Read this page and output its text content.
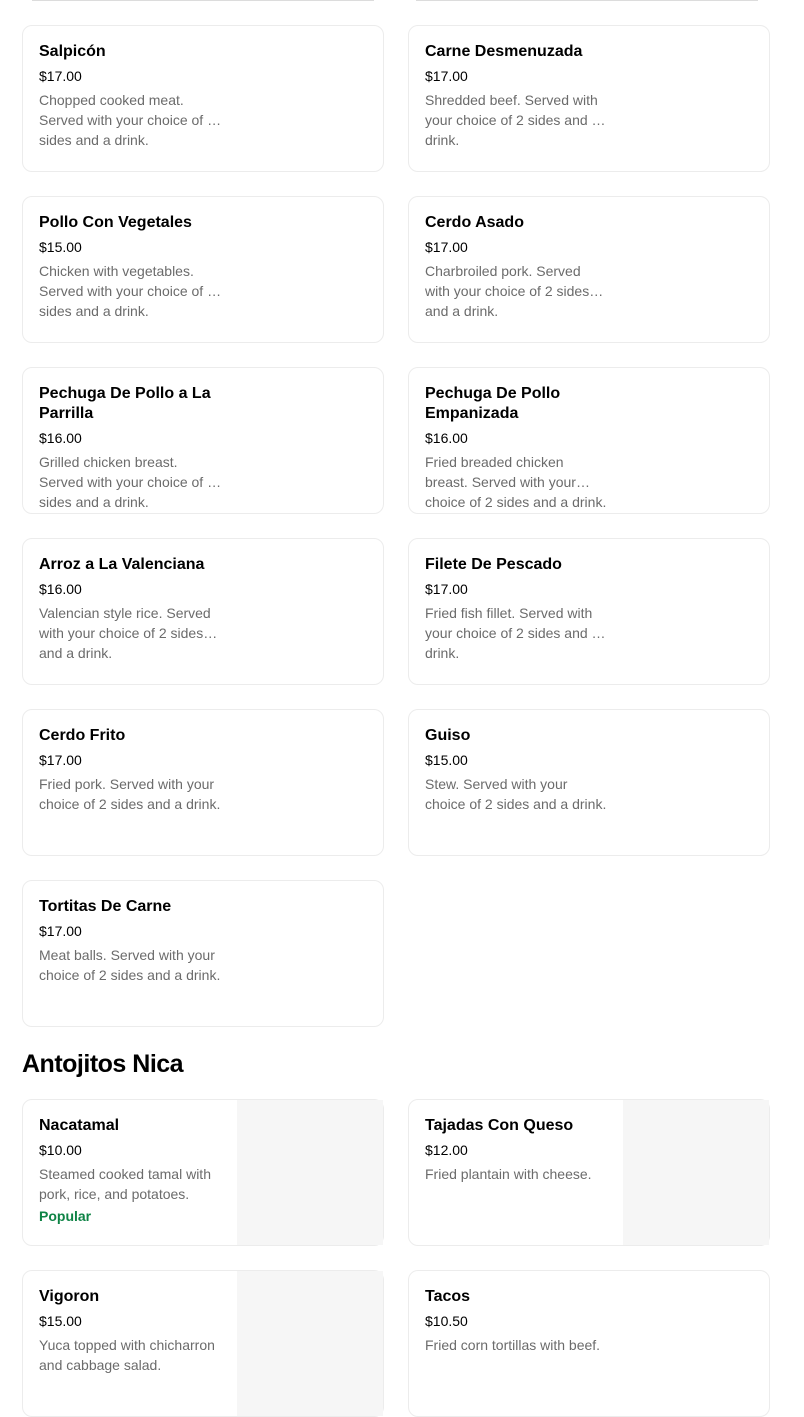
Salpicón
$17.00
Chopped cooked meat. Served with your choice of 2 sides and a drink.
Carne Desmenuzada
$17.00
Shredded beef. Served with your choice of 2 sides and a drink.
Pollo Con Vegetales
$15.00
Chicken with vegetables. Served with your choice of 2 sides and a drink.
Cerdo Asado
$17.00
Charbroiled pork. Served with your choice of 2 sides and a drink.
Pechuga De Pollo a La Parrilla
$16.00
Grilled chicken breast. Served with your choice of 2 sides and a drink.
Pechuga De Pollo Empanizada
$16.00
Fried breaded chicken breast. Served with your choice of 2 sides and a drink.
Arroz a La Valenciana
$16.00
Valencian style rice. Served with your choice of 2 sides and a drink.
Filete De Pescado
$17.00
Fried fish fillet. Served with your choice of 2 sides and a drink.
Cerdo Frito
$17.00
Fried pork. Served with your choice of 2 sides and a drink.
Guiso
$15.00
Stew. Served with your choice of 2 sides and a drink.
Tortitas De Carne
$17.00
Meat balls. Served with your choice of 2 sides and a drink.
Antojitos Nica
Nacatamal
$10.00
Steamed cooked tamal with pork, rice, and potatoes.
Popular
Tajadas Con Queso
$12.00
Fried plantain with cheese.
Vigoron
$15.00
Yuca topped with chicharron and cabbage salad.
Tacos
$10.50
Fried corn tortillas with beef.
